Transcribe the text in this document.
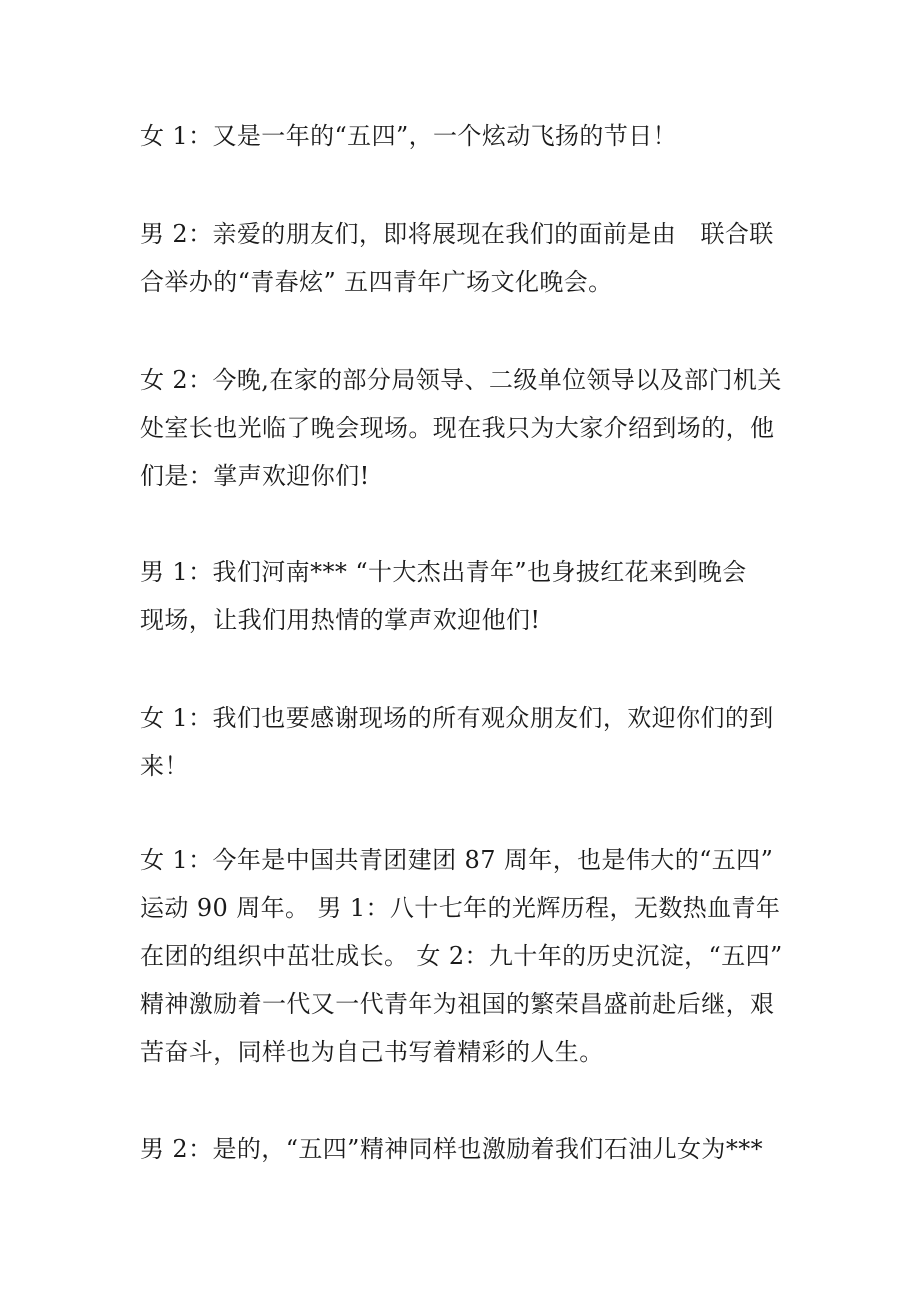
女 1：又是一年的“五四”，一个炫动飞扬的节日！
男 2：亲爱的朋友们，即将展现在我们的面前是由　联合联
合举办的“青春炫” 五四青年广场文化晚会。
女 2：今晚,在家的部分局领导、二级单位领导以及部门机关
处室长也光临了晚会现场。现在我只为大家介绍到场的，他
们是：掌声欢迎你们!
男 1：我们河南*** “十大杰出青年”也身披红花来到晚会
现场，让我们用热情的掌声欢迎他们!
女 1：我们也要感谢现场的所有观众朋友们，欢迎你们的到
来！
女 1：今年是中国共青团建团 87 周年，也是伟大的“五四”
运动 90 周年。 男 1：八十七年的光辉历程，无数热血青年
在团的组织中茁壮成长。 女 2：九十年的历史沉淀，“五四”
精神激励着一代又一代青年为祖国的繁荣昌盛前赴后继，艰
苦奋斗，同样也为自己书写着精彩的人生。
男 2：是的，“五四”精神同样也激励着我们石油儿女为***
